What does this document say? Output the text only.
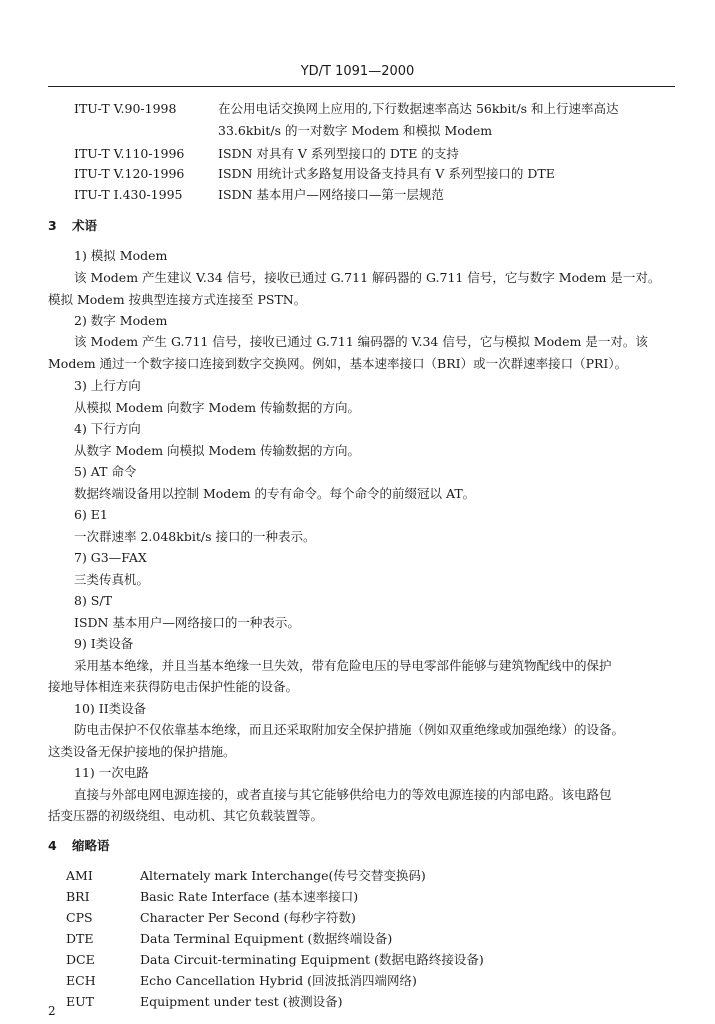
YD/T 1091—2000
ITU-T V.90-1998	在公用电话交换网上应用的,下行数据速率高达 56kbit/s 和上行速率高达
33.6kbit/s 的一对数字 Modem 和模拟 Modem
ITU-T V.110-1996	ISDN 对具有 V 系列型接口的 DTE 的支持
ITU-T V.120-1996	ISDN 用统计式多路复用设备支持具有 V 系列型接口的 DTE
ITU-T I.430-1995	ISDN 基本用户—网络接口—第一层规范
3 术语
1) 模拟 Modem
该 Modem 产生建议 V.34 信号，接收已通过 G.711 解码器的 G.711 信号，它与数字 Modem 是一对。
模拟 Modem 按典型连接方式连接至 PSTN。
2) 数字 Modem
该 Modem 产生 G.711 信号，接收已通过 G.711 编码器的 V.34 信号，它与模拟 Modem 是一对。该
Modem 通过一个数字接口连接到数字交换网。例如，基本速率接口（BRI）或一次群速率接口（PRI）。
3) 上行方向
从模拟 Modem 向数字 Modem 传输数据的方向。
4) 下行方向
从数字 Modem 向模拟 Modem 传输数据的方向。
5) AT 命令
数据终端设备用以控制 Modem 的专有命令。每个命令的前缀冠以 AT。
6) E1
一次群速率 2.048kbit/s 接口的一种表示。
7) G3—FAX
三类传真机。
8) S/T
ISDN 基本用户—网络接口的一种表示。
9) I类设备
采用基本绝缘，并且当基本绝缘一旦失效，带有危险电压的导电零部件能够与建筑物配线中的保护
接地导体相连来获得防电击保护性能的设备。
10) II类设备
防电击保护不仅依靠基本绝缘，而且还采取附加安全保护措施（例如双重绝缘或加强绝缘）的设备。
这类设备无保护接地的保护措施。
11) 一次电路
直接与外部电网电源连接的，或者直接与其它能够供给电力的等效电源连接的内部电路。该电路包
括变压器的初级绕组、电动机、其它负载装置等。
4 缩略语
AMI	Alternately mark Interchange(传号交替变换码)
BRI	Basic Rate Interface (基本速率接口)
CPS	Character Per Second (每秒字符数)
DTE	Data Terminal Equipment (数据终端设备)
DCE	Data Circuit-terminating Equipment (数据电路终接设备)
ECH	Echo Cancellation Hybrid (回波抵消四端网络)
EUT	Equipment under test (被测设备)
2
